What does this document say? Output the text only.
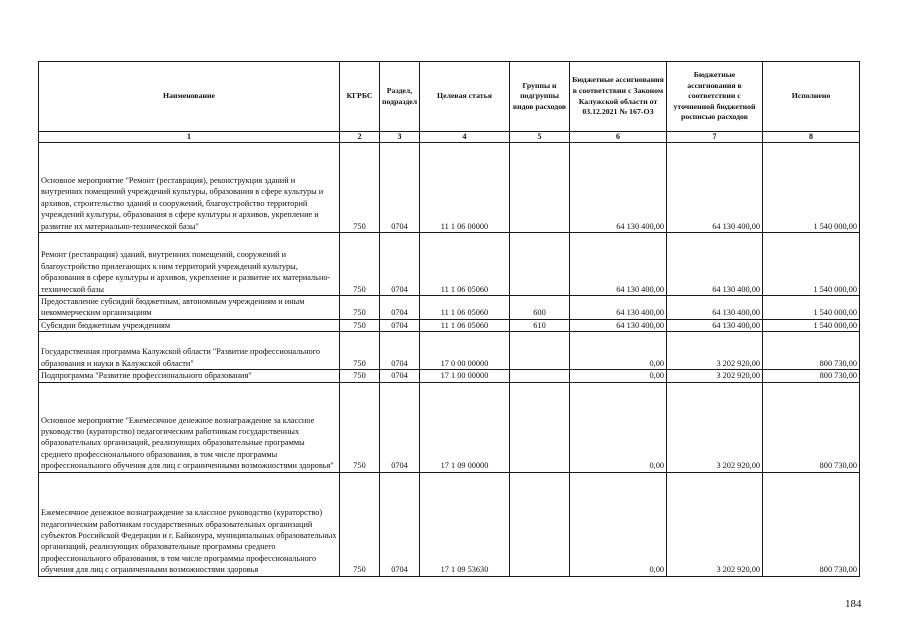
Наименование	КГРБС	Раздел, подраздел	Целевая статья	Группы и подгруппы видов расходов	Бюджетные ассигнования в соответствии с Законом Калужской области от 03.12.2021 № 167-ОЗ	Бюджетные ассигнования в соответствии с уточненной бюджетной росписью расходов	Исполнено
1	2	3	4	5	6	7	8
Основное мероприятие "Ремонт (реставрация), реконструкция зданий и внутренних помещений учреждений культуры, образования в сфере культуры и архивов, строительство зданий и сооружений, благоустройство территорий учреждений культуры, образования в сфере культуры и архивов, укрепление и развитие их материально-технической базы"	750	0704	11 1 06 00000		64 130 400,00	64 130 400,00	1 540 000,00
Ремонт (реставрация) зданий, внутренних помещений, сооружений и благоустройство прилегающих к ним территорий учреждений культуры, образования в сфере культуры и архивов, укрепление и развитие их материально-технической базы	750	0704	11 1 06 05060		64 130 400,00	64 130 400,00	1 540 000,00
Предоставление субсидий бюджетным, автономным учреждениям и иным некоммерческим организациям	750	0704	11 1 06 05060	600	64 130 400,00	64 130 400,00	1 540 000,00
Субсидии бюджетным учреждениям	750	0704	11 1 06 05060	610	64 130 400,00	64 130 400,00	1 540 000,00
Государственная программа Калужской области "Развитие профессионального образования и науки в Калужской области"	750	0704	17 0 00 00000		0,00	3 202 920,00	800 730,00
Подпрограмма "Развитие профессионального образования"	750	0704	17 1 00 00000		0,00	3 202 920,00	800 730,00
Основное мероприятие "Ежемесячное денежное вознаграждение за классное руководство (кураторство) педагогическим работникам государственных образовательных организаций, реализующих образовательные программы среднего профессионального образования, в том числе программы профессионального обучения для лиц с ограниченными возможностями здоровья"	750	0704	17 1 09 00000		0,00	3 202 920,00	800 730,00
Ежемесячное денежное вознаграждение за классное руководство (кураторство) педагогическим работникам государственных образовательных организаций субъектов Российской Федерации и г. Байконура, муниципальных образовательных организаций, реализующих образовательные программы среднего профессионального образования, в том числе программы профессионального обучения для лиц с ограниченными возможностями здоровья	750	0704	17 1 09 53630		0,00	3 202 920,00	800 730,00
184
